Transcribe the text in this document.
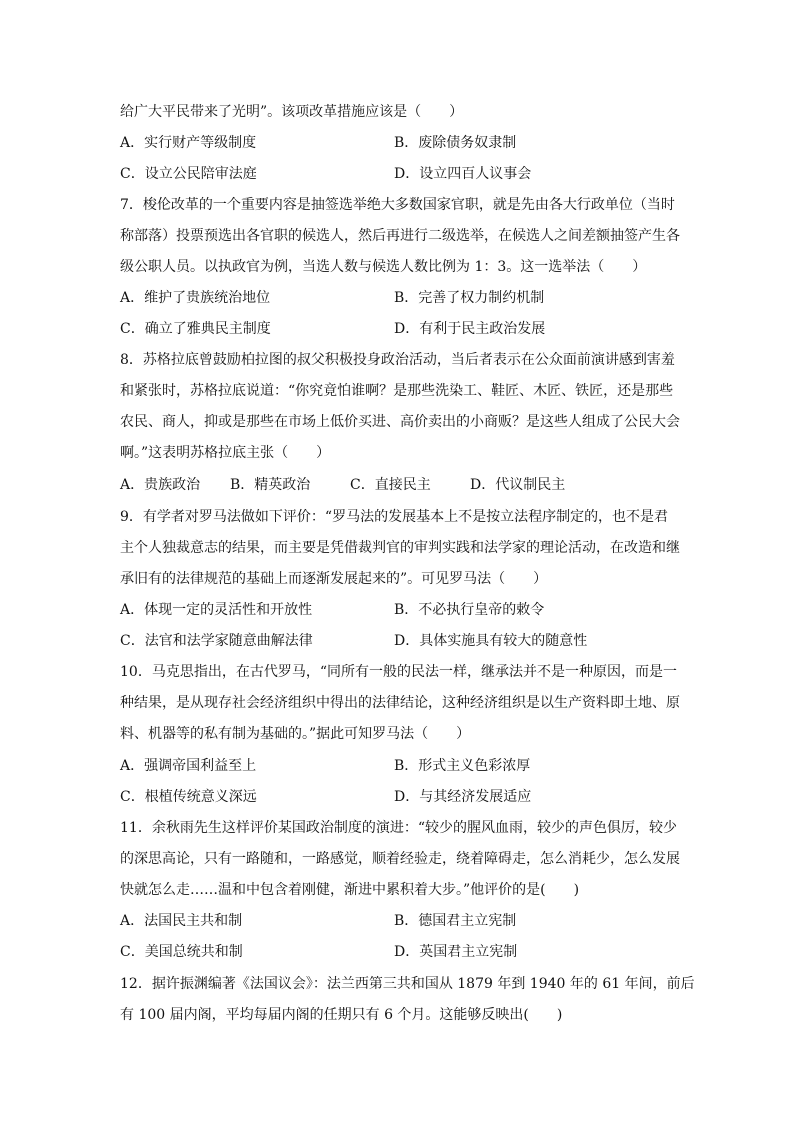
给广大平民带来了光明”。该项改革措施应该是（　　）
A．实行财产等级制度	B．废除债务奴隶制
C．设立公民陪审法庭	D．设立四百人议事会
7．梭伦改革的一个重要内容是抽签选举绝大多数国家官职，就是先由各大行政单位（当时
称部落）投票预选出各官职的候选人，然后再进行二级选举，在候选人之间差额抽签产生各
级公职人员。以执政官为例，当选人数与候选人数比例为 1：3。这一选举法（　　）
A．维护了贵族统治地位	B．完善了权力制约机制
C．确立了雅典民主制度	D．有利于民主政治发展
8．苏格拉底曾鼓励柏拉图的叔父积极投身政治活动，当后者表示在公众面前演讲感到害羞
和紧张时，苏格拉底说道：“你究竟怕谁啊？是那些洗染工、鞋匠、木匠、铁匠，还是那些
农民、商人，抑或是那些在市场上低价买进、高价卖出的小商贩？是这些人组成了公民大会
啊。”这表明苏格拉底主张（　　）
A．贵族政治 B．精英政治	C．直接民主	D．代议制民主
9．有学者对罗马法做如下评价：“罗马法的发展基本上不是按立法程序制定的，也不是君
主个人独裁意志的结果，而主要是凭借裁判官的审判实践和法学家的理论活动，在改造和继
承旧有的法律规范的基础上而逐渐发展起来的”。可见罗马法（　　）
A．体现一定的灵活性和开放性	B．不必执行皇帝的敕令
C．法官和法学家随意曲解法律	D．具体实施具有较大的随意性
10．马克思指出，在古代罗马，“同所有一般的民法一样，继承法并不是一种原因，而是一
种结果，是从现存社会经济组织中得出的法律结论，这种经济组织是以生产资料即土地、原
料、机器等的私有制为基础的。”据此可知罗马法（　　）
A．强调帝国利益至上	B．形式主义色彩浓厚
C．根植传统意义深远	D．与其经济发展适应
11．余秋雨先生这样评价某国政治制度的演进：“较少的腥风血雨，较少的声色俱厉，较少
的深思高论，只有一路随和，一路感觉，顺着经验走，绕着障碍走，怎么消耗少，怎么发展
快就怎么走……温和中包含着刚健，渐进中累积着大步。”他评价的是(　　)
A．法国民主共和制	B．德国君主立宪制
C．美国总统共和制	D．英国君主立宪制
12．据许振渊编著《法国议会》：法兰西第三共和国从 1879 年到 1940 年的 61 年间，前后
有 100 届内阁，平均每届内阁的任期只有 6 个月。这能够反映出(　　)
